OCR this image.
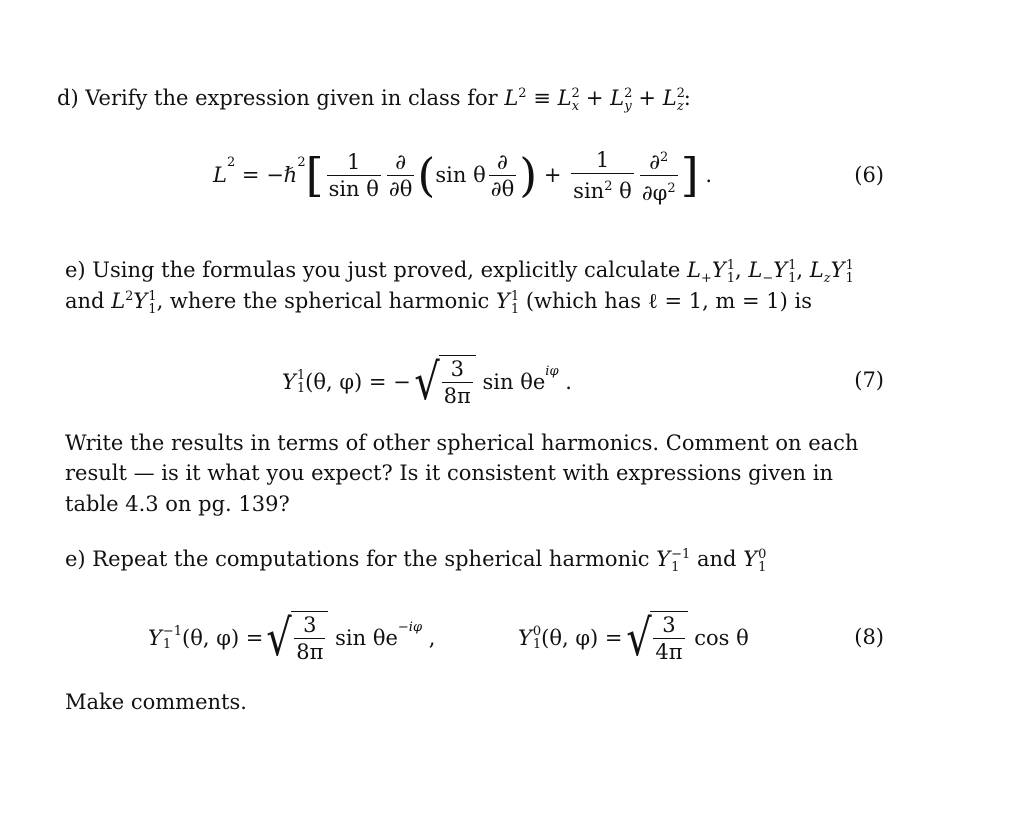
d) Verify the expression given in class for $L^2 \equiv L^2_x + L^2_y + L^2_z$:
L
$^2$

= −ℏ
$^2$ [ $\frac{1}{\text{sin θ}} \frac{\partial}{\partial\theta}$ ( sin θ $\frac{\partial}{\partial\theta}$ )
+
$\frac{1}{\sin^2 \theta} \frac{\partial^2}{\partial\varphi^2}$ ]
.	(6)
e) Using the formulas you just proved, explicitly calculate $L_+Y$ 1
1 , $L_-Y$ 1
1 , $L_zY$ 1
1
and $L^2Y$ 1
1 , where the spherical harmonic Y 1
1 (which has ℓ = 1, m = 1) is
Y 1
1 (θ, φ) = − √ $\frac{3}{8\pi}$
$\sin \theta e^{i\varphi}$
.	(7)
Write the results in terms of other spherical harmonics. Comment on each
result — is it what you expect? Is it consistent with expressions given in
table 4.3 on pg. 139?
e) Repeat the computations for the spherical harmonic Y −1
1 and Y 0
1
Y −1
1 (θ, φ) = √ $\frac{3}{8\pi}$
$\sin \theta e^{-i\varphi}$
,	Y 0
1 (θ, φ) = √ $\frac{3}{4\pi}$
cos θ	(8)
Make comments.
